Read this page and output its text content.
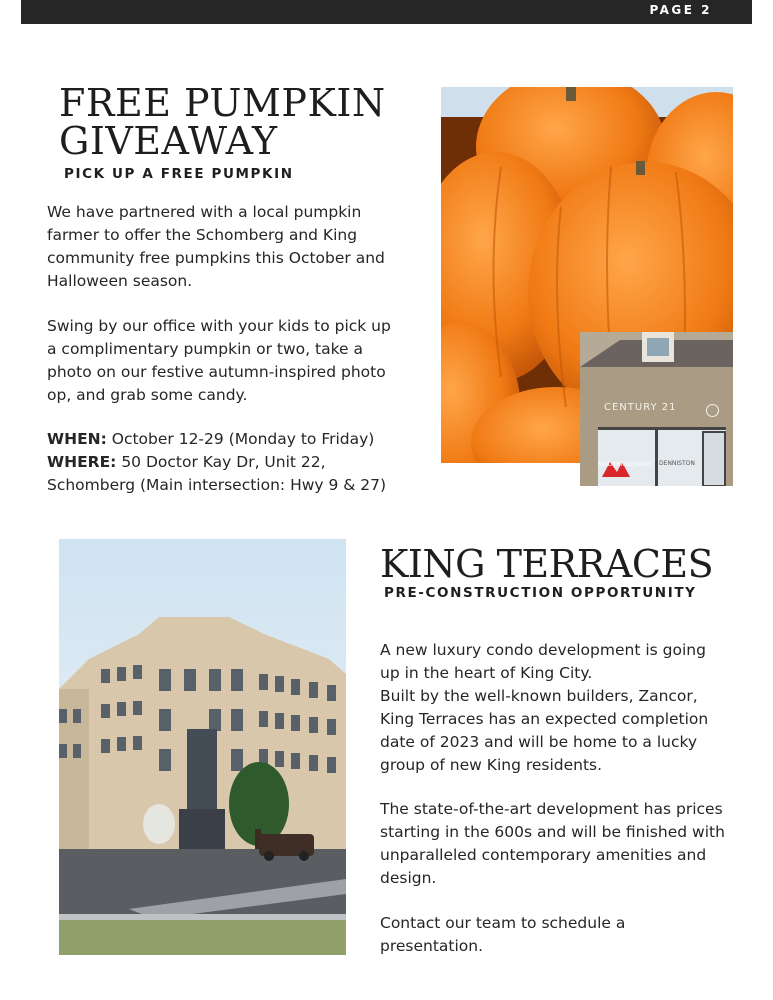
PAGE 2
FREE PUMPKIN
GIVEAWAY
PICK UP A FREE PUMPKIN

We have partnered with a local pumpkin farmer to offer the Schomberg and King community free pumpkins this October and Halloween season.

Swing by our office with your kids to pick up a complimentary pumpkin or two, take a photo on our festive autumn-inspired photo op, and grab some candy.

WHEN: October 12-29 (Monday to Friday)
WHERE: 50 Doctor Kay Dr, Unit 22, Schomberg (Main intersection: Hwy 9 & 27)

CENTURY 21
MODERNDESIGNS DENNISTON
KING TERRACES
PRE-CONSTRUCTION OPPORTUNITY

A new luxury condo development is going up in the heart of King City.
Built by the well-known builders, Zancor, King Terraces has an expected completion date of 2023 and will be home to a lucky group of new King residents.

The state-of-the-art development has prices starting in the 600s and will be finished with unparalleled contemporary amenities and design.

Contact our team to schedule a presentation.
